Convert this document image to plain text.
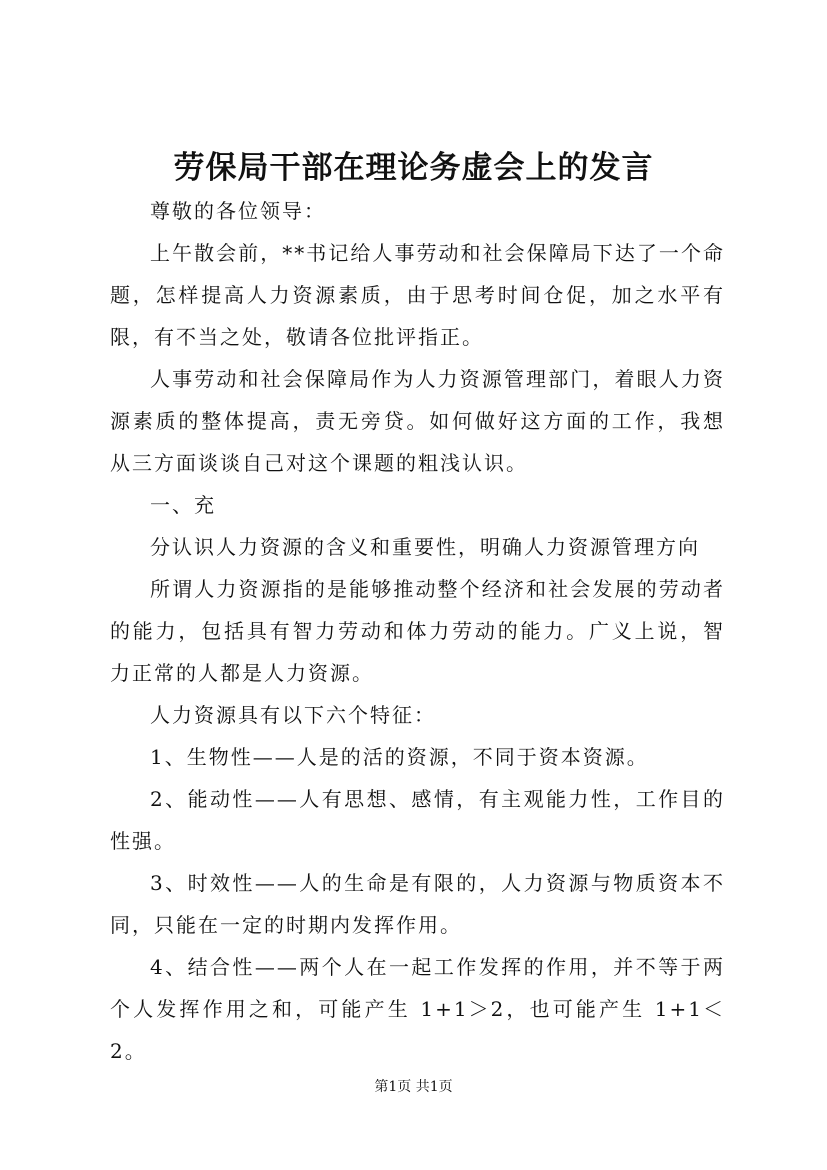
劳保局干部在理论务虚会上的发言

尊敬的各位领导：

上午散会前，**书记给人事劳动和社会保障局下达了一个命题，怎样提高人力资源素质，由于思考时间仓促，加之水平有限，有不当之处，敬请各位批评指正。

人事劳动和社会保障局作为人力资源管理部门，着眼人力资源素质的整体提高，责无旁贷。如何做好这方面的工作，我想从三方面谈谈自己对这个课题的粗浅认识。

一、充

分认识人力资源的含义和重要性，明确人力资源管理方向

所谓人力资源指的是能够推动整个经济和社会发展的劳动者的能力，包括具有智力劳动和体力劳动的能力。广义上说，智力正常的人都是人力资源。

人力资源具有以下六个特征：

1、生物性——人是的活的资源，不同于资本资源。

2、能动性——人有思想、感情，有主观能力性，工作目的性强。

3、时效性——人的生命是有限的，人力资源与物质资本不同，只能在一定的时期内发挥作用。

4、结合性——两个人在一起工作发挥的作用，并不等于两个人发挥作用之和，可能产生 1+1＞2，也可能产生 1+1＜2。

第1页 共1页
